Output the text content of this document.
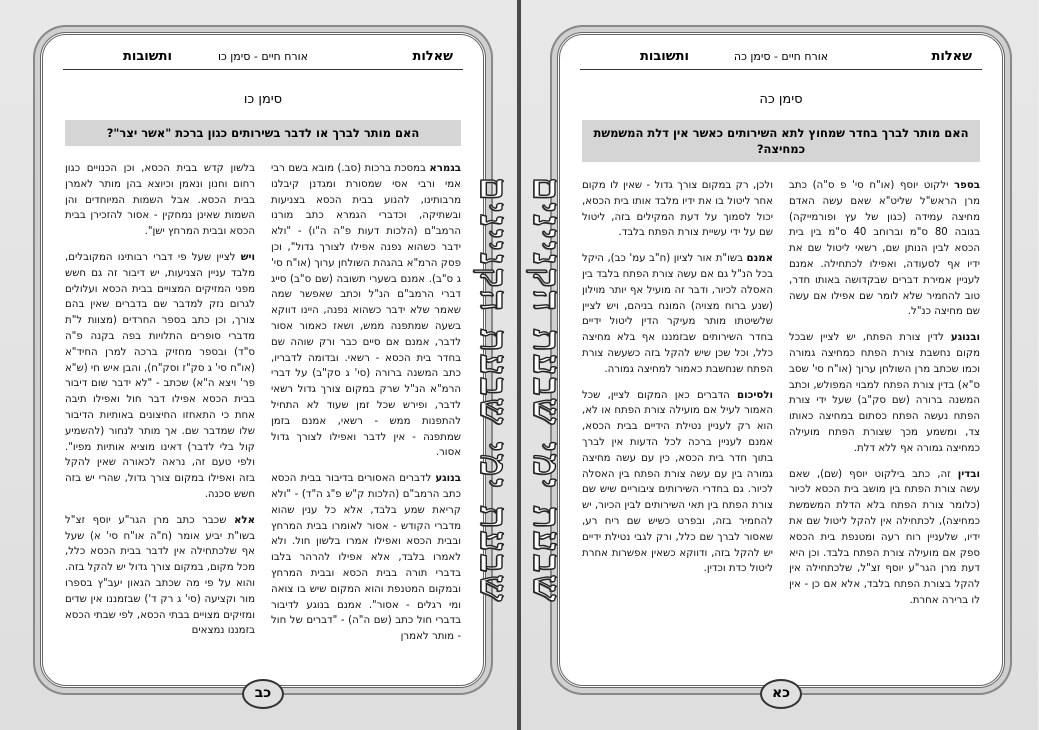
שאלות
אורח חיים - סימן כו
ותשובות
סימן כו
האם מותר לברך או לדבר בשירותים כגון ברכת "אשר יצר"?

בגמרא במסכת ברכות (סב.) מובא בשם רבי אמי ורבי אסי שמסורת ומגדנן קיבלנו מרבותינו, להנוע בבית הכסא בצניעות ובשתיקה, וכדברי הגמרא כתב מורנו הרמב"ם (הלכות דעות פ"ה ה"ו) - "ולא ידבר כשהוא נפנה אפילו לצורך גדול", וכן פסק הרמ"א בהגהת השולחן ערוך (או"ח סי' ג ס"ב). אמנם בשערי תשובה (שם ס"ב) סייג דברי הרמב"ם הנ"ל וכתב שאפשר שמה שאמר שלא ידבר כשהוא נפנה, היינו דווקא בשעה שמתפנה ממש, ושאז כאמור אסור לדבר, אמנם אם סיים כבר ורק שוהה שם בחדר בית הכסא - רשאי. ובדומה לדבריו, כתב המשנה ברורה (סי' ג סק"ב) על דברי הרמ"א הנ"ל שרק במקום צורך גדול רשאי לדבר, ופירש שכל זמן שעוד לא התחיל להתפנות ממש - רשאי, אמנם בזמן שמתפנה - אין לדבר ואפילו לצורך גדול אסור.

בנוגע לדברים האסורים בדיבור בבית הכסא כתב הרמב"ם (הלכות ק"ש פ"ג ה"ד) - "ולא קריאת שמע בלבד, אלא כל ענין שהוא מדברי הקודש - אסור לאומרו בבית המרחץ ובבית הכסא ואפילו אמרו בלשון חול. ולא לאמרו בלבד, אלא אפילו להרהר בלבו בדברי תורה בבית הכסא ובבית המרחץ ובמקום המטנפת והוא המקום שיש בו צואה ומי רגלים - אסור". אמנם בנוגע לדיבור בדברי חול כתב (שם ה"ה) - "דברים של חול - מותר לאמרן

בלשון קדש בבית הכסא, וכן הכנויים כגון רחום וחנון ונאמן וכיוצא בהן מותר לאמרן בבית הכסא. אבל השמות המיוחדים והן השמות שאינן נמחקין - אסור להזכירן בבית הכסא ובבית המרחץ ישן".

ויש לציין שעל פי דברי רבותינו המקובלים, מלבד עניין הצניעות, יש דיבור זה גם חשש מפני המזיקים המצויים בבית הכסא ועלולים לגרום נזק למדבר שם בדברים שאין בהם צורך, וכן כתב בספר החרדים (מצוות ל"ת מדברי סופרים התלויות בפה בקנה פ"ה ס"ד) ובספר מחזיק ברכה למרן החיד"א (או"ח סי' ג סק"ז וסק"ח), והבן איש חי (ש"א פר' ויצא ה"א) שכתב - "לא ידבר שום דיבור בבית הכסא אפילו דבר חול ואפילו תיבה אחת כי התאחזו החיצונים באותיות הדיבור שלו שמדבר שם. אך מותר לנחור (להשמיע קול בלי לדבר) דאינו מוציא אותיות מפיו". ולפי טעם זה, נראה לכאורה שאין להקל בזה ואפילו במקום צורך גדול, שהרי יש בזה חשש סכנה.

אלא שכבר כתב מרן הגר"ע יוסף זצ"ל בשו"ת יביע אומר (ח"ה או"ח סי' א) שעל אף שלכתחילה אין לדבר בבית הכסא כלל, מכל מקום, במקום צורך גדול יש להקל בזה. והוא על פי מה שכתב הגאון יעב"ץ בספרו מור וקציעה (סי' ג רק ד') שבזמננו אין שדים ומזיקים מצויים בבתי הכסא, לפי שבתי הכסא בזמננו נמצאים

כב
שאלות
אורח חיים - סימן כה
ותשובות
סימן כה
האם מותר לברך בחדר שמחוץ לתא השירותים כאשר אין דלת המשמשת כמחיצה?

בספר ילקוט יוסף (או"ח סי' פ ס"ה) כתב מרן הראש"ל שליט"א שאם עשה האדם מחיצה עמידה (כגון של עץ ופורמייקה) בגובה 80 ס"מ וברוחב 40 ס"מ בין בית הכסא לבין הנותן שם, רשאי ליטול שם את ידיו אף לסעודה, ואפילו לכתחילה. אמנם לעניין אמירת דברים שבקדושה באותו חדר, טוב להחמיר שלא לומר שם אפילו אם עשה שם מחיצה כנ"ל.

ובנוגע לדין צורת הפתח, יש לציין שבכל מקום נחשבת צורת הפתח כמחיצה גמורה וכמו שכתב מרן השולחן ערוך (או"ח סי' שסב ס"א) בדין צורת הפתח למבוי המפולש, וכתב המשנה ברורה (שם סק"ב) שעל ידי צורת הפתח נעשה הפתח כסתום במחיצה כאותו צד, ומשמע מכך שצורת הפתח מועילה כמחיצה גמורה אף ללא דלת.

ובדין זה, כתב בילקוט יוסף (שם), שאם עשה צורת הפתח בין מושב בית הכסא לכיור (כלומר צורת הפתח בלא הדלת המשמשת כמחיצה), לכתחילה אין להקל ליטול שם את ידיו, שלעניין רוח רעה ומטנפת בית הכסא ספק אם מועילה צורת הפתח בלבד. וכן היא דעת מרן הגר"ע יוסף זצ"ל, שלכתחילה אין להקל בצורת הפתח בלבד, אלא אם כן - אין לו ברירה אחרת.

ולכן, רק במקום צורך גדול - שאין לו מקום אחר ליטול בו את ידיו מלבד אותו בית הכסא, יכול לסמוך על דעת המקילים בזה, ליטול שם על ידי עשיית צורת הפתח בלבד.

אמנם בשו"ת אור לציון (ח"ב עמ' כב), היקל בכל הנ"ל גם אם עשה צורת הפתח בלבד בין האסלה לכיור, ודבר זה מועיל אף יותר מוילון (שנע ברוח מצויה) המונח בניהם, ויש לציין שלשיטתו מותר מעיקר הדין ליטול ידיים בחדר השירותים שבזמננו אף בלא מחיצה כלל, וכל שכן שיש להקל בזה כשעשה צורת הפתח שנחשבת כאמור למחיצה גמורה.

ולסיכום הדברים כאן המקום לציין, שכל האמור לעיל אם מועילה צורת הפתח או לא, הוא רק לעניין נטילת הידיים בבית הכסא, אמנם לעניין ברכה לכל הדעות אין לברך בתוך חדר בית הכסא, כין עם עשה מחיצה גמורה בין עם עשה צורת הפתח בין האסלה לכיור. גם בחדרי השירותים ציבוריים שיש שם צורת הפתח בין תאי השירותים לבין הכיור, יש להחמיר בזה, ובפרט כשיש שם ריח רע, שאסור לברך שם כלל, ורק לגבי נטילת ידיים יש להקל בזה, ודווקא כשאין אפשרות אחרת ליטול כדת וכדין.

כא
שבעת ימי שבעת הקניינים שבעת ימי שבעת הקניינים
